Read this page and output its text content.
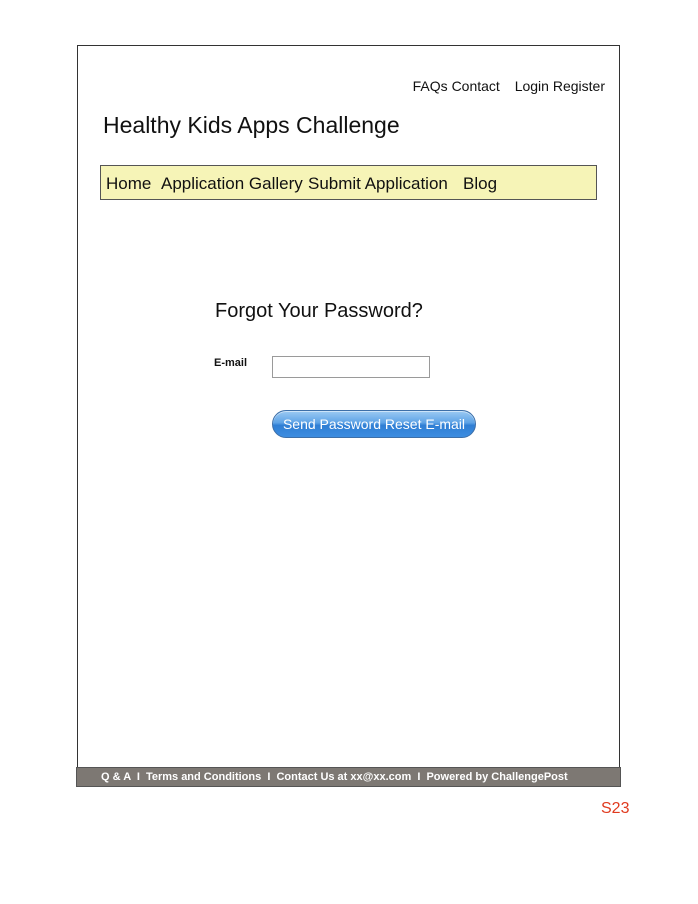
FAQs Contact Login Register
Healthy Kids Apps Challenge
Home Application Gallery Submit Application Blog
Forgot Your Password?
E-mail
Send Password Reset E-mail
Q & A I Terms and Conditions I Contact Us at xx@xx.com I Powered by ChallengePost
S23
